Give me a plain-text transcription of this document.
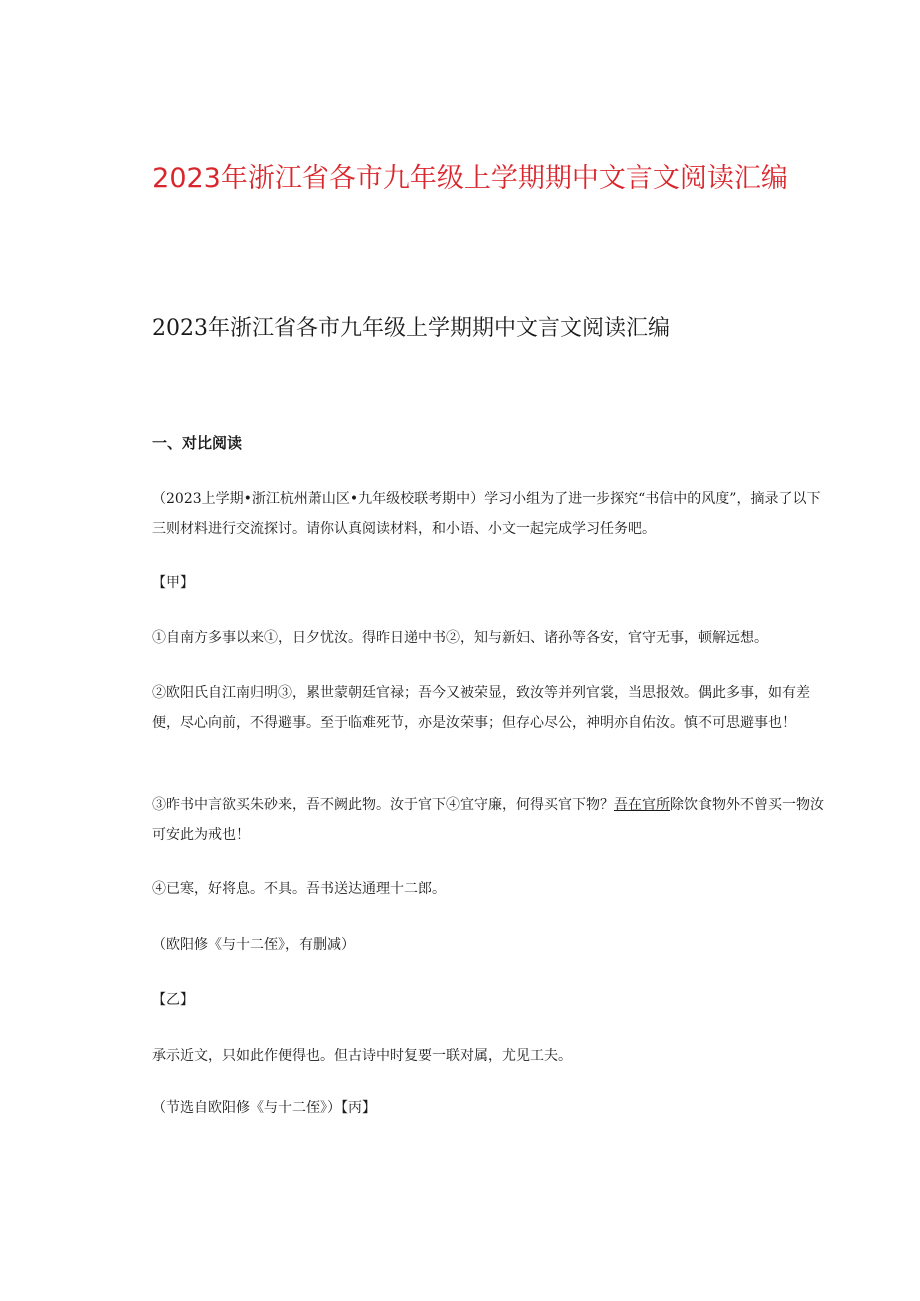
2023年浙江省各市九年级上学期期中文言文阅读汇编
2023年浙江省各市九年级上学期期中文言文阅读汇编
一、对比阅读
（2023上学期•浙江杭州萧山区•九年级校联考期中）学习小组为了进一步探究“书信中的风度”，摘录了以下三则材料进行交流探讨。请你认真阅读材料，和小语、小文一起完成学习任务吧。
【甲】
①自南方多事以来①，日夕忧汝。得昨日递中书②，知与新妇、诸孙等各安，官守无事，顿解远想。
②欧阳氏自江南归明③，累世蒙朝廷官禄；吾今又被荣显，致汝等并列官裳，当思报效。偶此多事，如有差便，尽心向前，不得避事。至于临难死节，亦是汝荣事；但存心尽公，神明亦自佑汝。慎不可思避事也！
③昨书中言欲买朱砂来，吾不阙此物。汝于官下④宜守廉，何得买官下物？吾在官所除饮食物外不曾买一物汝可安此为戒也！
④已寒，好将息。不具。吾书送达通理十二郎。
（欧阳修《与十二侄》，有删减）
【乙】
承示近文，只如此作便得也。但古诗中时复要一联对属，尤见工夫。
（节选自欧阳修《与十二侄》）【丙】
